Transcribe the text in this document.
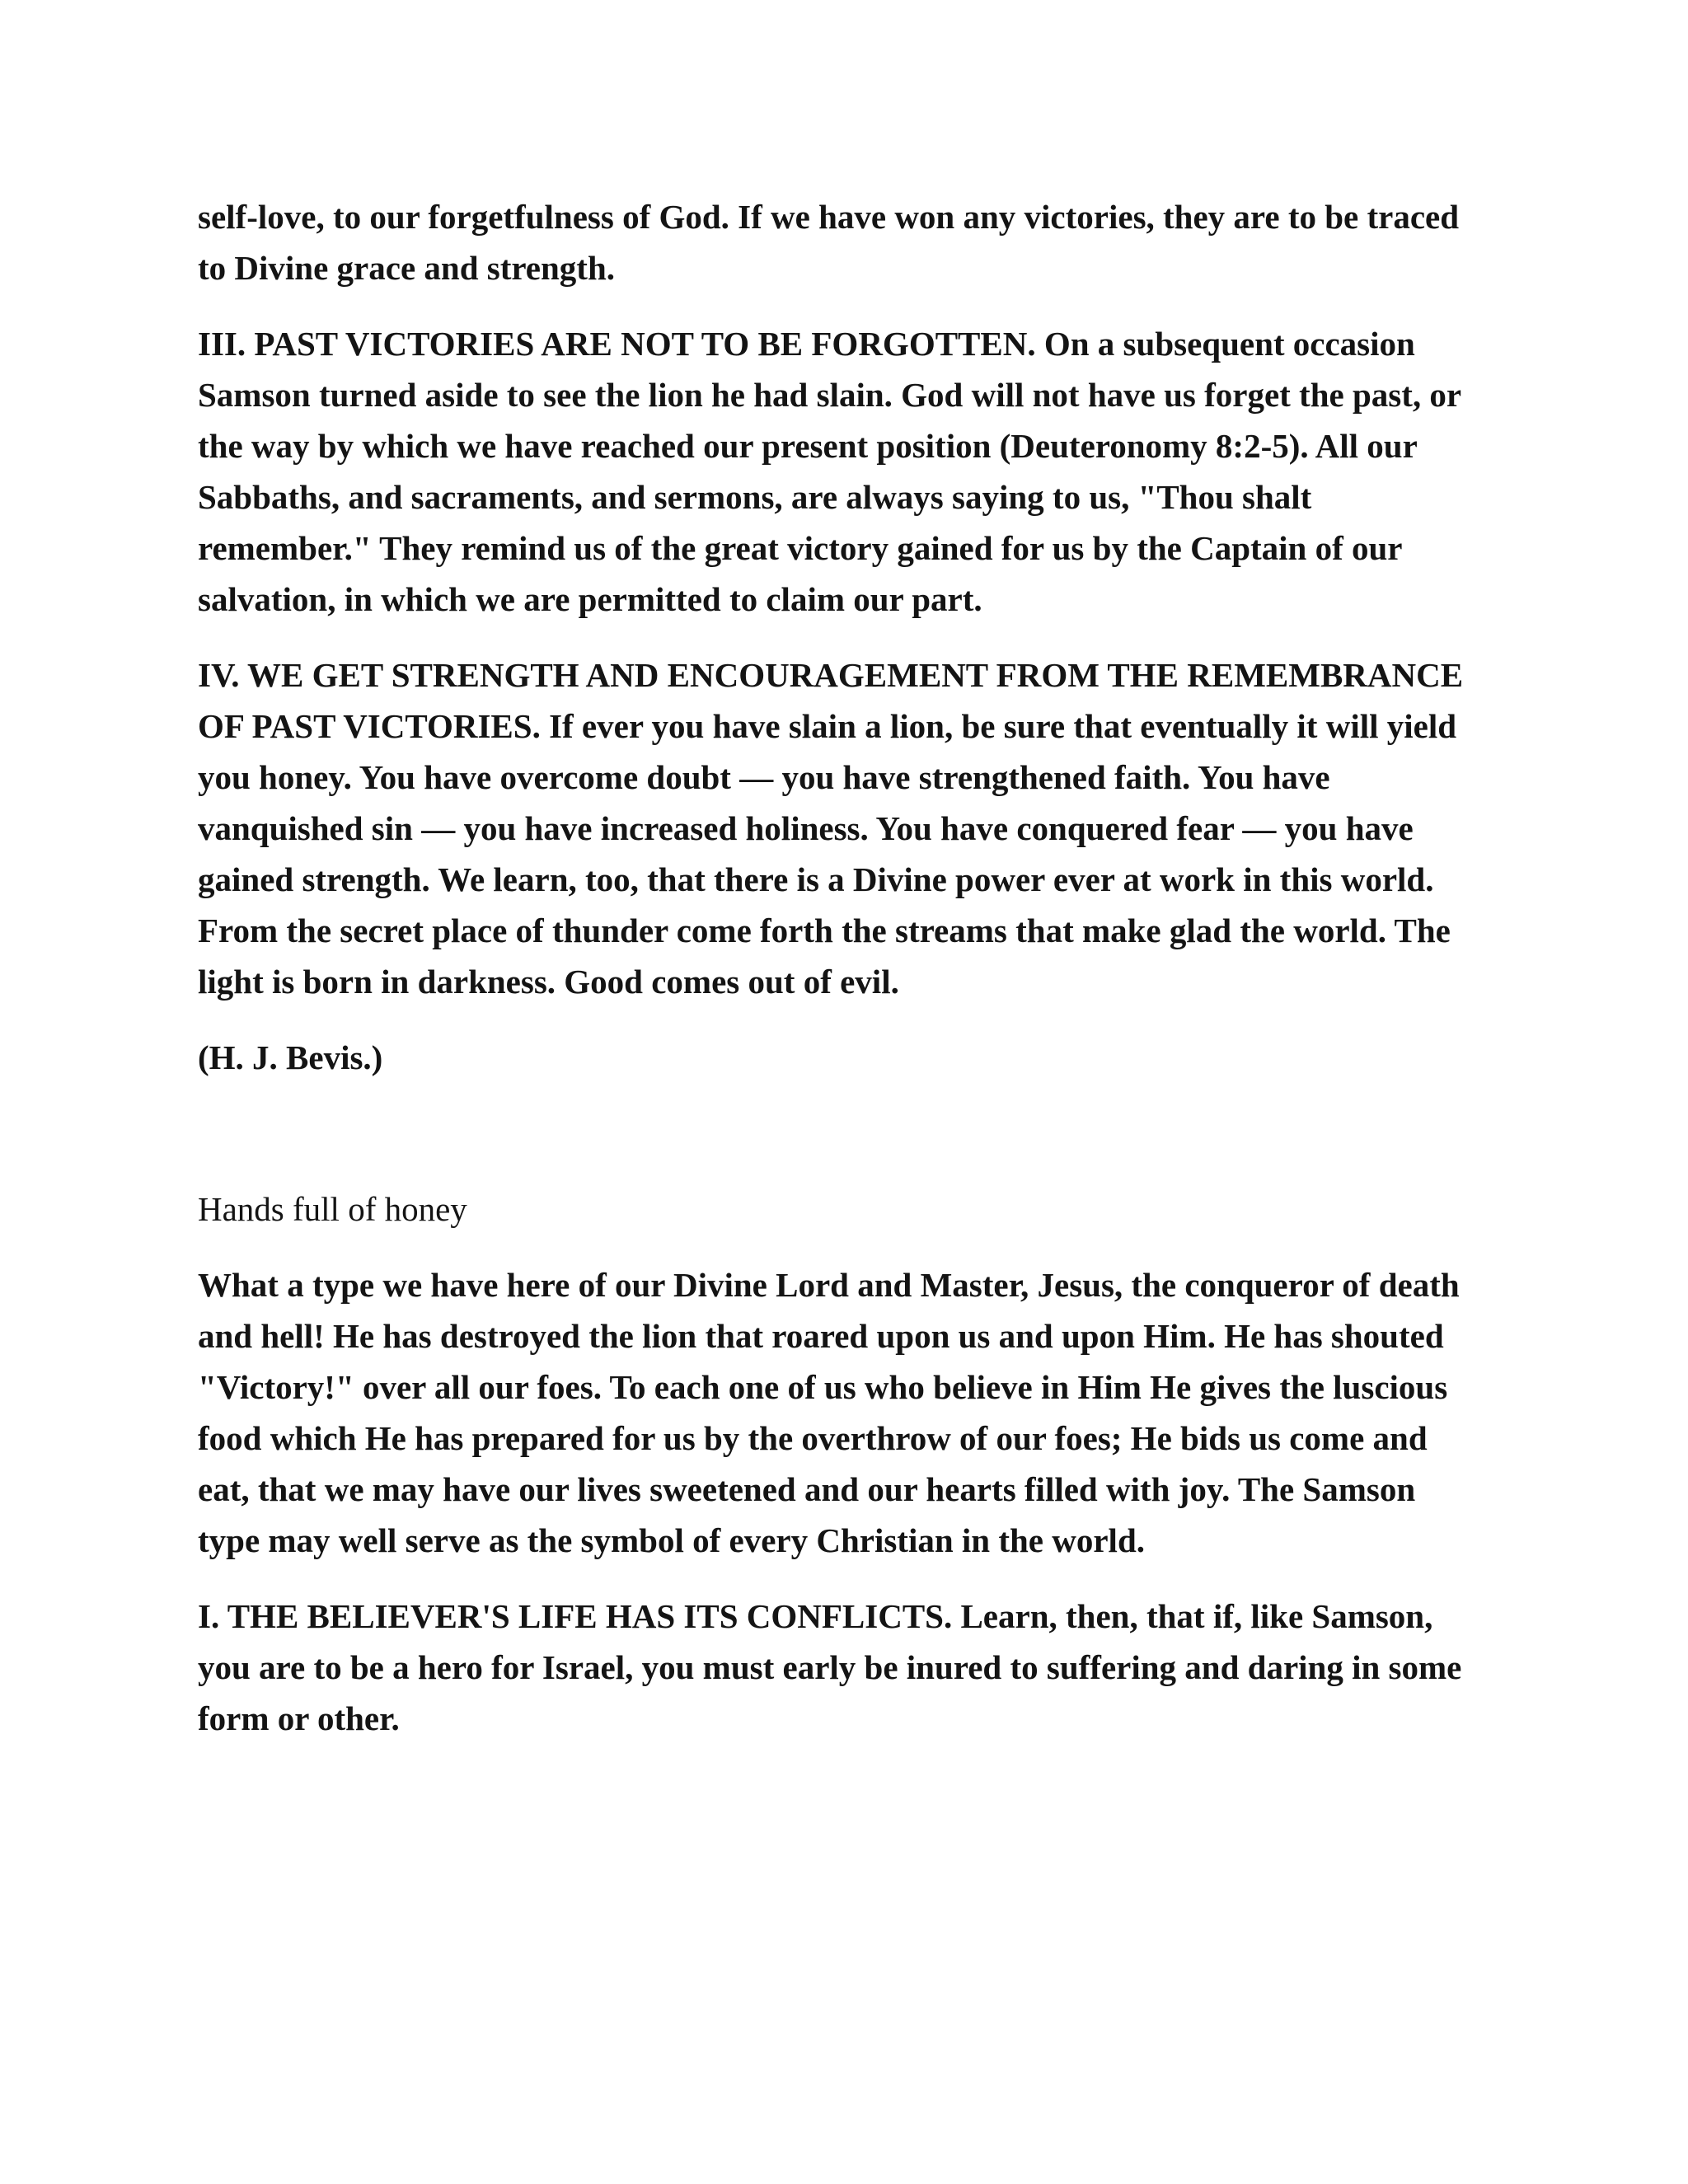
self-love, to our forgetfulness of God. If we have won any victories, they are to be traced to Divine grace and strength.

III. PAST VICTORIES ARE NOT TO BE FORGOTTEN. On a subsequent occasion Samson turned aside to see the lion he had slain. God will not have us forget the past, or the way by which we have reached our present position (Deuteronomy 8:2-5). All our Sabbaths, and sacraments, and sermons, are always saying to us, "Thou shalt remember." They remind us of the great victory gained for us by the Captain of our salvation, in which we are permitted to claim our part.

IV. WE GET STRENGTH AND ENCOURAGEMENT FROM THE REMEMBRANCE OF PAST VICTORIES. If ever you have slain a lion, be sure that eventually it will yield you honey. You have overcome doubt — you have strengthened faith. You have vanquished sin — you have increased holiness. You have conquered fear — you have gained strength. We learn, too, that there is a Divine power ever at work in this world. From the secret place of thunder come forth the streams that make glad the world. The light is born in darkness. Good comes out of evil.

(H. J. Bevis.)

Hands full of honey

What a type we have here of our Divine Lord and Master, Jesus, the conqueror of death and hell! He has destroyed the lion that roared upon us and upon Him. He has shouted "Victory!" over all our foes. To each one of us who believe in Him He gives the luscious food which He has prepared for us by the overthrow of our foes; He bids us come and eat, that we may have our lives sweetened and our hearts filled with joy. The Samson type may well serve as the symbol of every Christian in the world.

I. THE BELIEVER'S LIFE HAS ITS CONFLICTS. Learn, then, that if, like Samson, you are to be a hero for Israel, you must early be inured to suffering and daring in some form or other.
